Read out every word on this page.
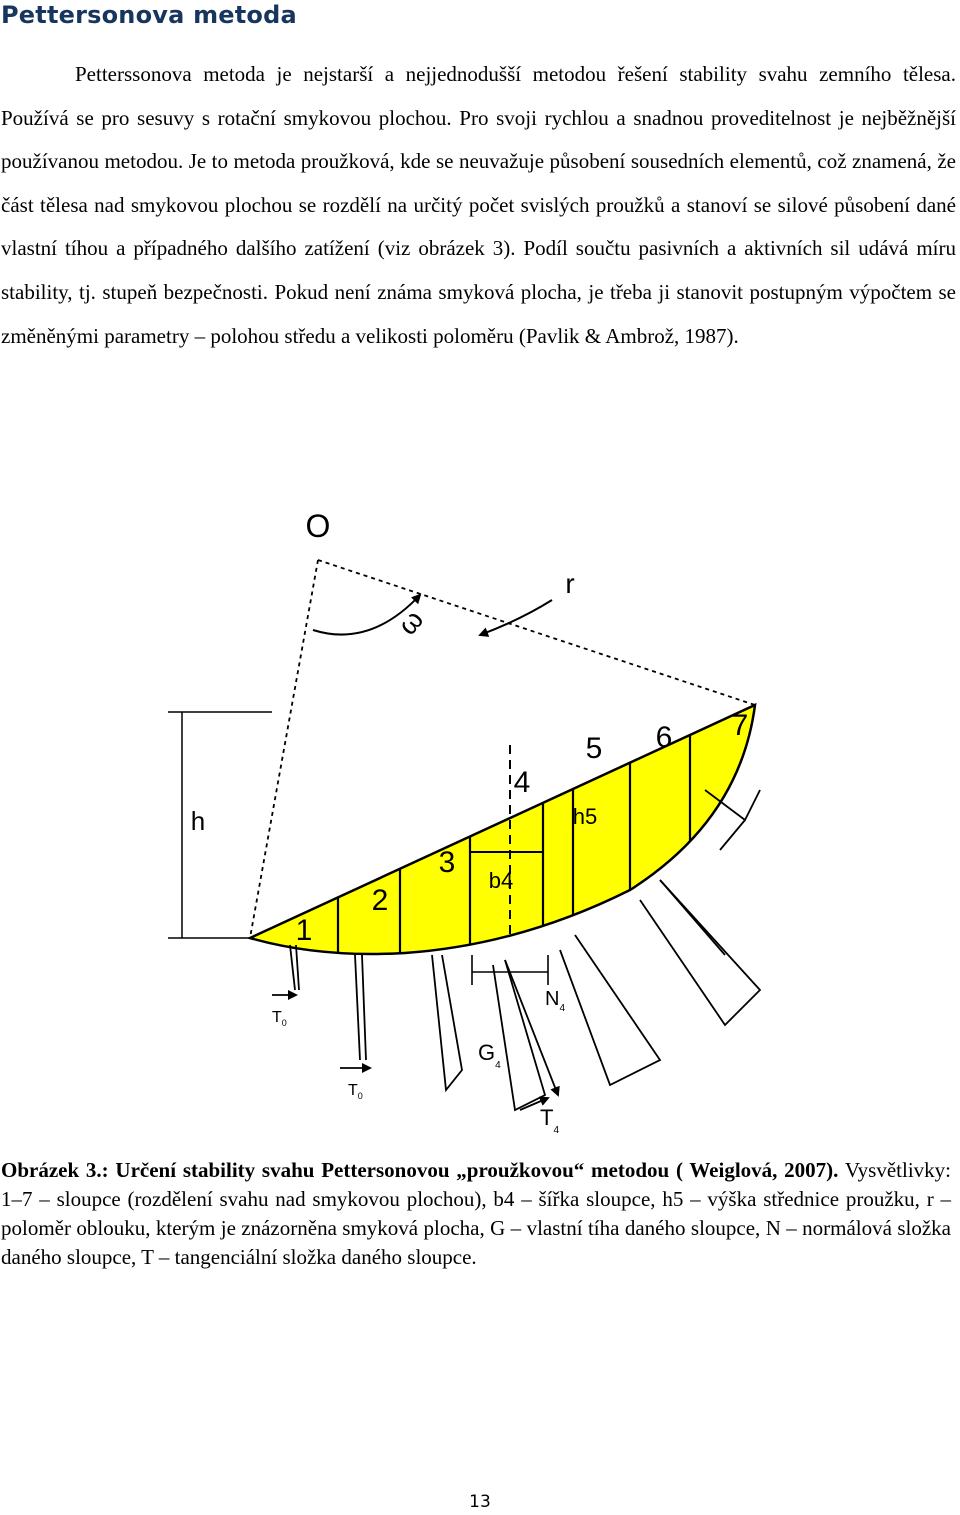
Pettersonova metoda

Petterssonova metoda je nejstarší a nejjednodušší metodou řešení stability svahu zemního tělesa. Používá se pro sesuvy s rotační smykovou plochou. Pro svoji rychlou a snadnou proveditelnost je nejběžnější používanou metodou. Je to metoda proužková, kde se neuvažuje působení sousedních elementů, což znamená, že část tělesa nad smykovou plochou se rozdělí na určitý počet svislých proužků a stanoví se silové působení dané vlastní tíhou a případného dalšího zatížení (viz obrázek 3). Podíl součtu pasivních a aktivních sil udává míru stability, tj. stupeň bezpečnosti. Pokud není známa smyková plocha, je třeba ji stanovit postupným výpočtem se změněnými parametry – polohou středu a velikosti poloměru (Pavlik & Ambrož, 1987).

O
r
ω
h
b4
h5
1
2
3
4
5 6 7
$N_4$
$G_4$
$T_4$
$T_0$
$T_0$

Obrázek 3.: Určení stability svahu Pettersonovou „proužkovou“ metodou ( Weiglová, 2007). Vysvětlivky: 1–7 – sloupce (rozdělení svahu nad smykovou plochou), b4 – šířka sloupce, h5 – výška střednice proužku, r – poloměr oblouku, kterým je znázorněna smyková plocha, G – vlastní tíha daného sloupce, N – normálová složka daného sloupce, T – tangenciální složka daného sloupce.

13
